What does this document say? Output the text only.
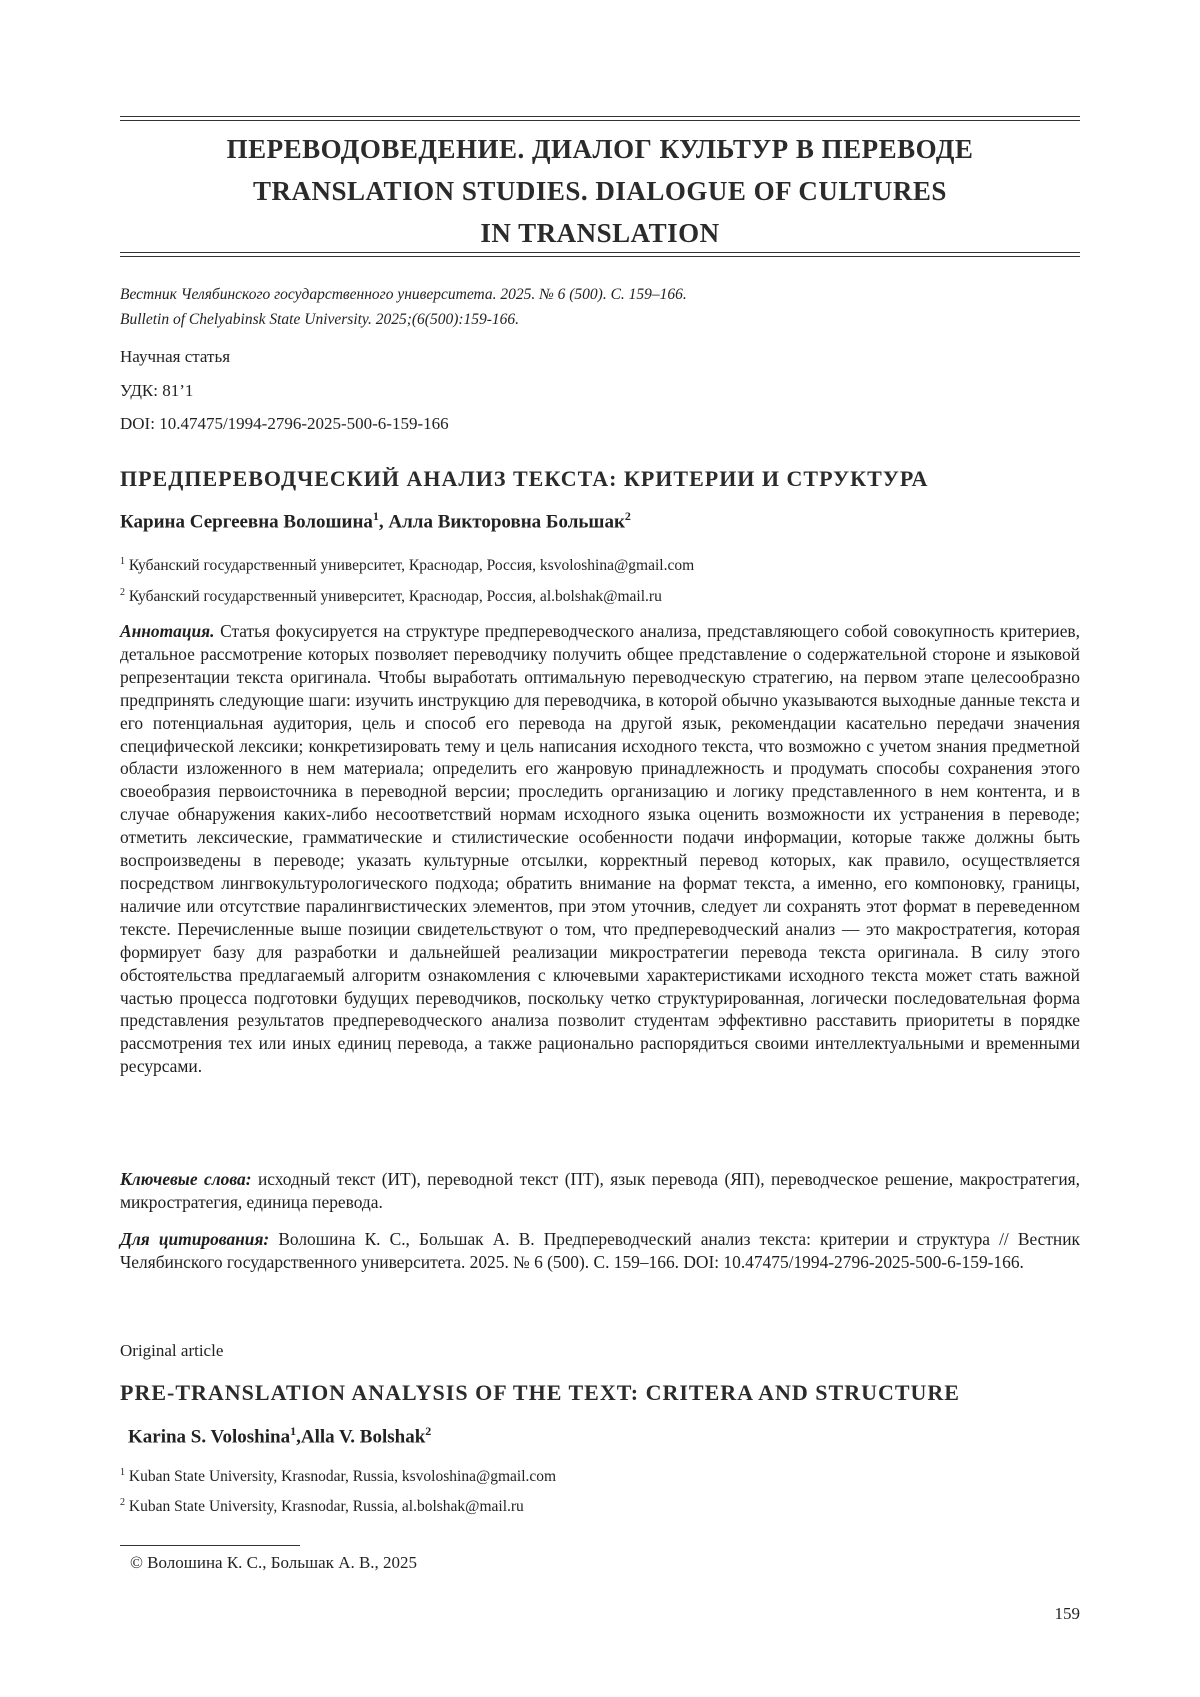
ПЕРЕВОДОВЕДЕНИЕ. ДИАЛОГ КУЛЬТУР В ПЕРЕВОДЕ
TRANSLATION STUDIES. DIALOGUE OF CULTURES
IN TRANSLATION
Вестник Челябинского государственного университета. 2025. № 6 (500). С. 159–166.
Bulletin of Chelyabinsk State University. 2025;(6(500):159-166.
Научная статья
УДК: 81’1
DOI: 10.47475/1994-2796-2025-500-6-159-166
ПРЕДПЕРЕВОДЧЕСКИЙ АНАЛИЗ ТЕКСТА: КРИТЕРИИ И СТРУКТУРА
Карина Сергеевна Волошина$^1$, Алла Викторовна Большак$^2$
$^1$ Кубанский государственный университет, Краснодар, Россия, ksvoloshina@gmail.com
$^2$ Кубанский государственный университет, Краснодар, Россия, al.bolshak@mail.ru

Аннотация. Статья фокусируется на структуре предпереводческого анализа, представляющего собой совокупность критериев, детальное рассмотрение которых позволяет переводчику получить общее представление о содержательной стороне и языковой репрезентации текста оригинала. Чтобы выработать оптимальную переводческую стратегию, на первом этапе целесообразно предпринять следующие шаги: изучить инструкцию для переводчика, в которой обычно указываются выходные данные текста и его потенциальная аудитория, цель и способ его перевода на другой язык, рекомендации касательно передачи значения специфической лексики; конкретизировать тему и цель написания исходного текста, что возможно с учетом знания предметной области изложенного в нем материала; определить его жанровую принадлежность и продумать способы сохранения этого своеобразия первоисточника в переводной версии; проследить организацию и логику представленного в нем контента, и в случае обнаружения каких-либо несоответствий нормам исходного языка оценить возможности их устранения в переводе; отметить лексические, грамматические и стилистические особенности подачи информации, которые также должны быть воспроизведены в переводе; указать культурные отсылки, корректный перевод которых, как правило, осуществляется посредством лингвокультурологического подхода; обратить внимание на формат текста, а именно, его компоновку, границы, наличие или отсутствие паралингвистических элементов, при этом уточнив, следует ли сохранять этот формат в переведенном тексте. Перечисленные выше позиции свидетельствуют о том, что предпереводческий анализ — это макростратегия, которая формирует базу для разработки и дальнейшей реализации микростратегии перевода текста оригинала. В силу этого обстоятельства предлагаемый алгоритм ознакомления с ключевыми характеристиками исходного текста может стать важной частью процесса подготовки будущих переводчиков, поскольку четко структурированная, логически последовательная форма представления результатов предпереводческого анализа позволит студентам эффективно расставить приоритеты в порядке рассмотрения тех или иных единиц перевода, а также рационально распорядиться своими интеллектуальными и временными ресурсами.

Ключевые слова: исходный текст (ИТ), переводной текст (ПТ), язык перевода (ЯП), переводческое решение, макростратегия, микростратегия, единица перевода.

Для цитирования: Волошина К. С., Большак А. В. Предпереводческий анализ текста: критерии и структура // Вестник Челябинского государственного университета. 2025. № 6 (500). С. 159–166. DOI: 10.47475/1994-2796-2025-500-6-159-166.

Original article
PRE-TRANSLATION ANALYSIS OF THE TEXT: CRITERA AND STRUCTURE
Karina S. Voloshina$^1$,Alla V. Bolshak$^2$
$^1$ Kuban State University, Krasnodar, Russia, ksvoloshina@gmail.com
$^2$ Kuban State University, Krasnodar, Russia, al.bolshak@mail.ru
© Волошина К. С., Большак А. В., 2025
159
